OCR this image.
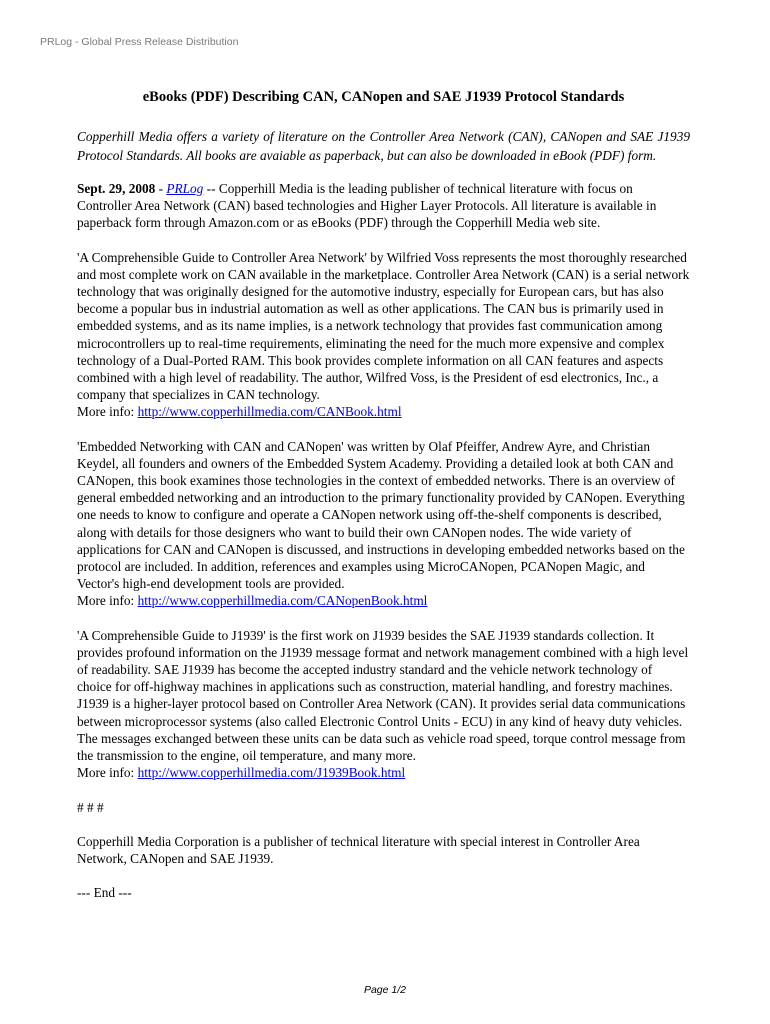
PRLog - Global Press Release Distribution
eBooks (PDF) Describing CAN, CANopen and SAE J1939 Protocol Standards
Copperhill Media offers a variety of literature on the Controller Area Network (CAN), CANopen and SAE J1939 Protocol Standards. All books are avaiable as paperback, but can also be downloaded in eBook (PDF) form.

Sept. 29, 2008 - PRLog -- Copperhill Media is the leading publisher of technical literature with focus on Controller Area Network (CAN) based technologies and Higher Layer Protocols. All literature is available in paperback form through Amazon.com or as eBooks (PDF) through the Copperhill Media web site.

'A Comprehensible Guide to Controller Area Network' by Wilfried Voss represents the most thoroughly researched and most complete work on CAN available in the marketplace. Controller Area Network (CAN) is a serial network technology that was originally designed for the automotive industry, especially for European cars, but has also become a popular bus in industrial automation as well as other applications. The CAN bus is primarily used in embedded systems, and as its name implies, is a network technology that provides fast communication among microcontrollers up to real-time requirements, eliminating the need for the much more expensive and complex technology of a Dual-Ported RAM. This book provides complete information on all CAN features and aspects combined with a high level of readability. The author, Wilfred Voss, is the President of esd electronics, Inc., a company that specializes in CAN technology.
More info: http://www.copperhillmedia.com/CANBook.html

'Embedded Networking with CAN and CANopen' was written by Olaf Pfeiffer, Andrew Ayre, and Christian Keydel, all founders and owners of the Embedded System Academy. Providing a detailed look at both CAN and CANopen, this book examines those technologies in the context of embedded networks. There is an overview of general embedded networking and an introduction to the primary functionality provided by CANopen. Everything one needs to know to configure and operate a CANopen network using off-the-shelf components is described, along with details for those designers who want to build their own CANopen nodes. The wide variety of applications for CAN and CANopen is discussed, and instructions in developing embedded networks based on the protocol are included. In addition, references and examples using MicroCANopen, PCANopen Magic, and Vector's high-end development tools are provided.
More info: http://www.copperhillmedia.com/CANopenBook.html

'A Comprehensible Guide to J1939' is the first work on J1939 besides the SAE J1939 standards collection. It provides profound information on the J1939 message format and network management combined with a high level of readability. SAE J1939 has become the accepted industry standard and the vehicle network technology of choice for off-highway machines in applications such as construction, material handling, and forestry machines. J1939 is a higher-layer protocol based on Controller Area Network (CAN). It provides serial data communications between microprocessor systems (also called Electronic Control Units - ECU) in any kind of heavy duty vehicles. The messages exchanged between these units can be data such as vehicle road speed, torque control message from the transmission to the engine, oil temperature, and many more.
More info: http://www.copperhillmedia.com/J1939Book.html

# # #

Copperhill Media Corporation is a publisher of technical literature with special interest in Controller Area Network, CANopen and SAE J1939.

--- End ---

Page 1/2
